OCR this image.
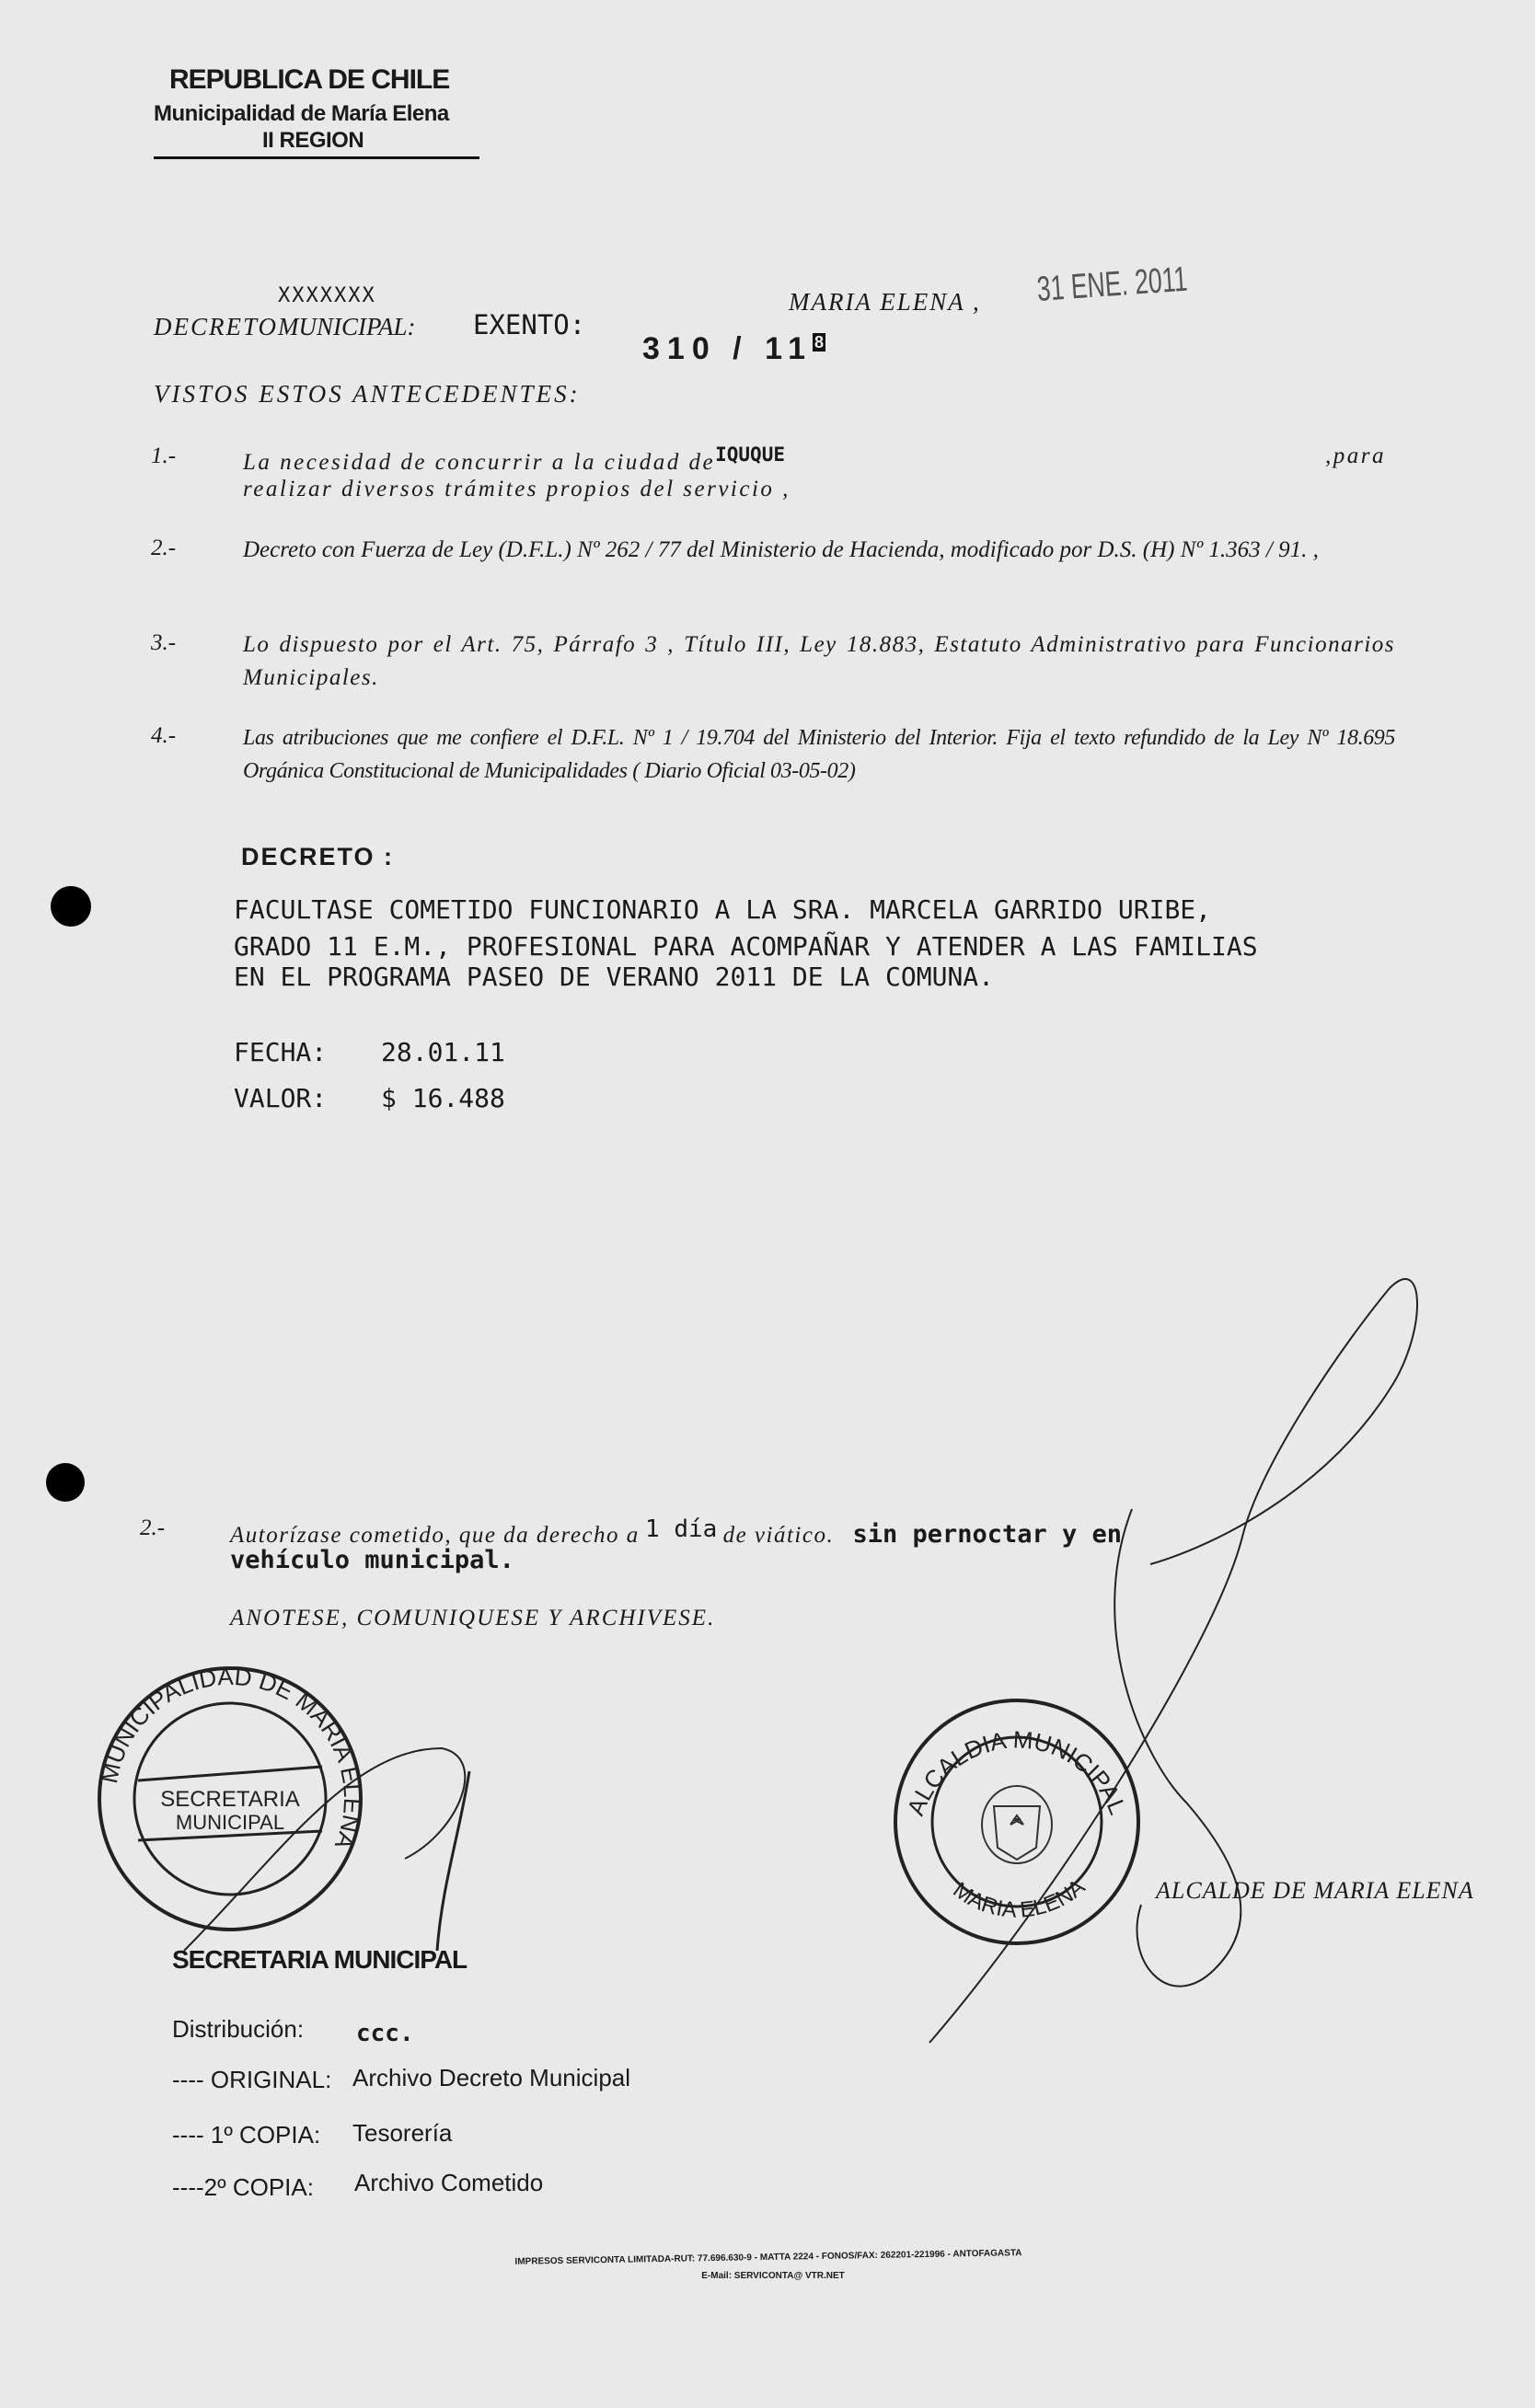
REPUBLICA DE CHILE
Municipalidad de María Elena
II REGION
MARIA ELENA , 31 ENE. 2011
DECRETOMUNICIPAL:
XXXXXXX
EXENTO:
310 / 11 $^8$
VISTOS ESTOS ANTECEDENTES:
1.-	La necesidad de concurrir a la ciudad $de^{IQUQUE}$	,para
realizar diversos trámites propios del servicio ,
2.-	Decreto con Fuerza de Ley (D.F.L.) Nº 262 / 77 del Ministerio de Hacienda, modificado por D.S. (H) Nº 1.363 / 91. ,
3.-	Lo dispuesto por el Art. 75, Párrafo 3 , Título III, Ley 18.883, Estatuto Administrativo para Funcionarios Municipales.
4.-	Las atribuciones que me confiere el D.F.L. Nº 1 / 19.704 del Ministerio del Interior. Fija el texto refundido de la Ley Nº 18.695 Orgánica Constitucional de Municipalidades ( Diario Oficial 03-05-02)
DECRETO :
FACULTASE COMETIDO FUNCIONARIO A LA SRA. MARCELA GARRIDO URIBE,
GRADO 11 E.M., PROFESIONAL PARA ACOMPAÑAR Y ATENDER A LAS FAMILIAS
EN EL PROGRAMA PASEO DE VERANO 2011 DE LA COMUNA.
FECHA: 28.01.11
VALOR: $ 16.488
2.-	Autorízase cometido, que da derecho a 1 día de viático. sin pernoctar y en
vehículo municipal.
ANOTESE, COMUNIQUESE Y ARCHIVESE.
MUNICIPALIDAD DE MARIA ELENA
SECRETARIA
MUNICIPAL
SECRETARIA MUNICIPAL
ALCALDIA MUNICIPAL
MARIA ELENA	ALCALDE DE MARIA ELENA
Distribución: ccc.
---- ORIGINAL: Archivo Decreto Municipal
---- 1º COPIA: Tesorería
----2º COPIA: Archivo Cometido
IMPRESOS SERVICONTA LIMITADA-RUT: 77.696.630-9 - MATTA 2224 - FONOS/FAX: 262201-221996 - ANTOFAGASTA
E-Mail: SERVICONTA@ VTR.NET
